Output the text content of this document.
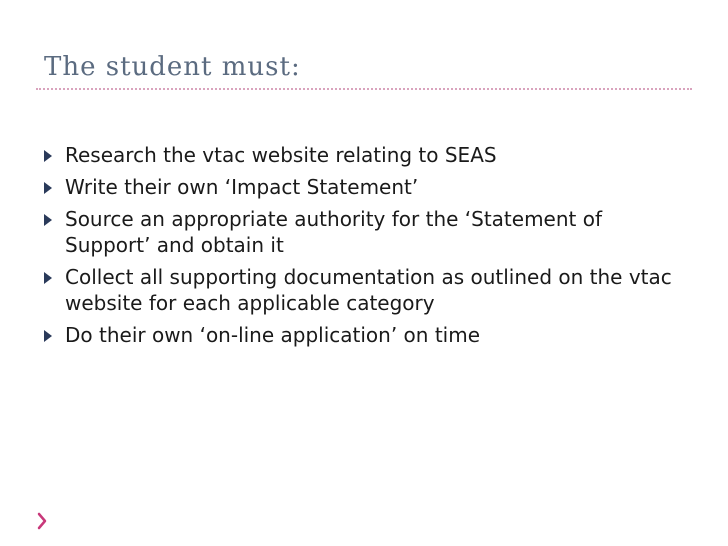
The student must:
Research the vtac website relating to SEAS
Write their own ‘Impact Statement’
Source an appropriate authority for the ‘Statement of Support’ and obtain it
Collect all supporting documentation as outlined on the vtac website for each applicable category
Do their own ‘on-line application’ on time
